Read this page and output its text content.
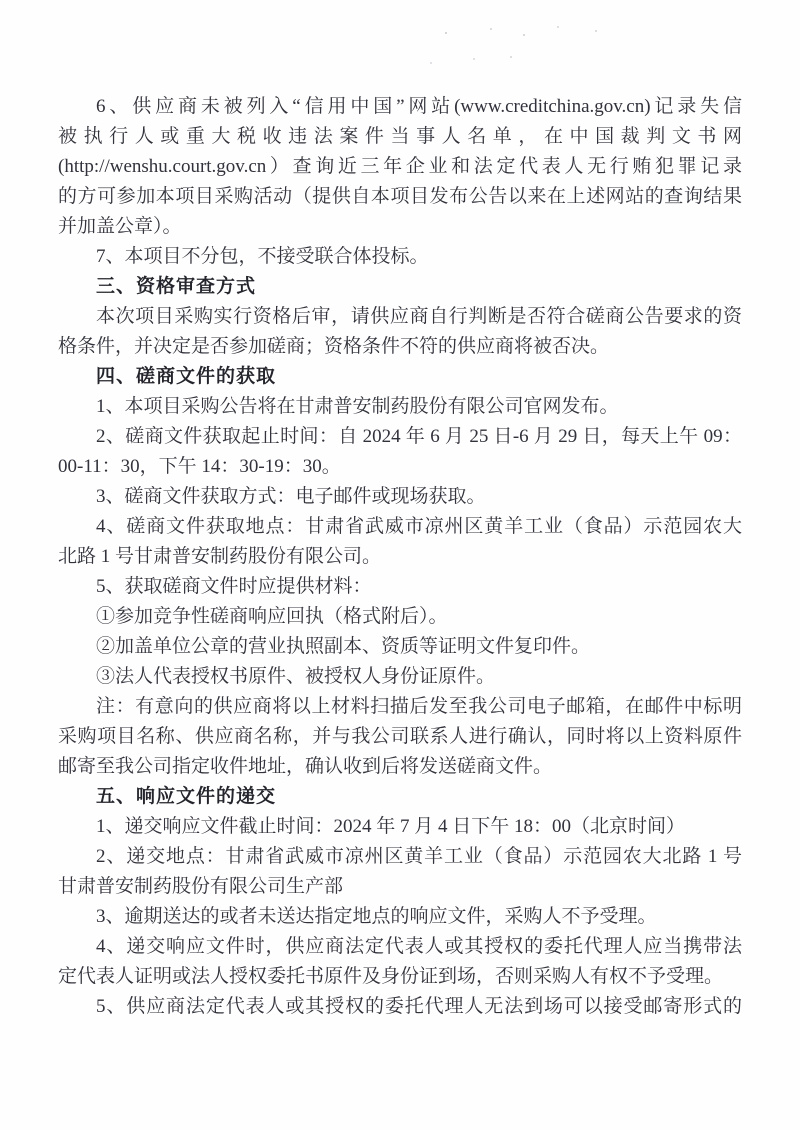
6、供应商未被列入“信用中国”网站(www.creditchina.gov.cn)记录失信
被执行人或重大税收违法案件当事人名单，在中国裁判文书网
(http://wenshu.court.gov.cn）查询近三年企业和法定代表人无行贿犯罪记录
的方可参加本项目采购活动（提供自本项目发布公告以来在上述网站的查询结果
并加盖公章）。
7、本项目不分包，不接受联合体投标。
三、资格审查方式
本次项目采购实行资格后审，请供应商自行判断是否符合磋商公告要求的资
格条件，并决定是否参加磋商；资格条件不符的供应商将被否决。
四、磋商文件的获取
1、本项目采购公告将在甘肃普安制药股份有限公司官网发布。
2、磋商文件获取起止时间：自 2024 年 6 月 25 日-6 月 29 日，每天上午 09：
00-11：30，下午 14：30-19：30。
3、磋商文件获取方式：电子邮件或现场获取。
4、磋商文件获取地点：甘肃省武威市凉州区黄羊工业（食品）示范园农大
北路 1 号甘肃普安制药股份有限公司。
5、获取磋商文件时应提供材料：
①参加竞争性磋商响应回执（格式附后）。
②加盖单位公章的营业执照副本、资质等证明文件复印件。
③法人代表授权书原件、被授权人身份证原件。
注：有意向的供应商将以上材料扫描后发至我公司电子邮箱，在邮件中标明
采购项目名称、供应商名称，并与我公司联系人进行确认，同时将以上资料原件
邮寄至我公司指定收件地址，确认收到后将发送磋商文件。
五、响应文件的递交
1、递交响应文件截止时间：2024 年 7 月 4 日下午 18：00（北京时间）
2、递交地点：甘肃省武威市凉州区黄羊工业（食品）示范园农大北路 1 号
甘肃普安制药股份有限公司生产部
3、逾期送达的或者未送达指定地点的响应文件，采购人不予受理。
4、递交响应文件时，供应商法定代表人或其授权的委托代理人应当携带法
定代表人证明或法人授权委托书原件及身份证到场，否则采购人有权不予受理。
5、供应商法定代表人或其授权的委托代理人无法到场可以接受邮寄形式的
